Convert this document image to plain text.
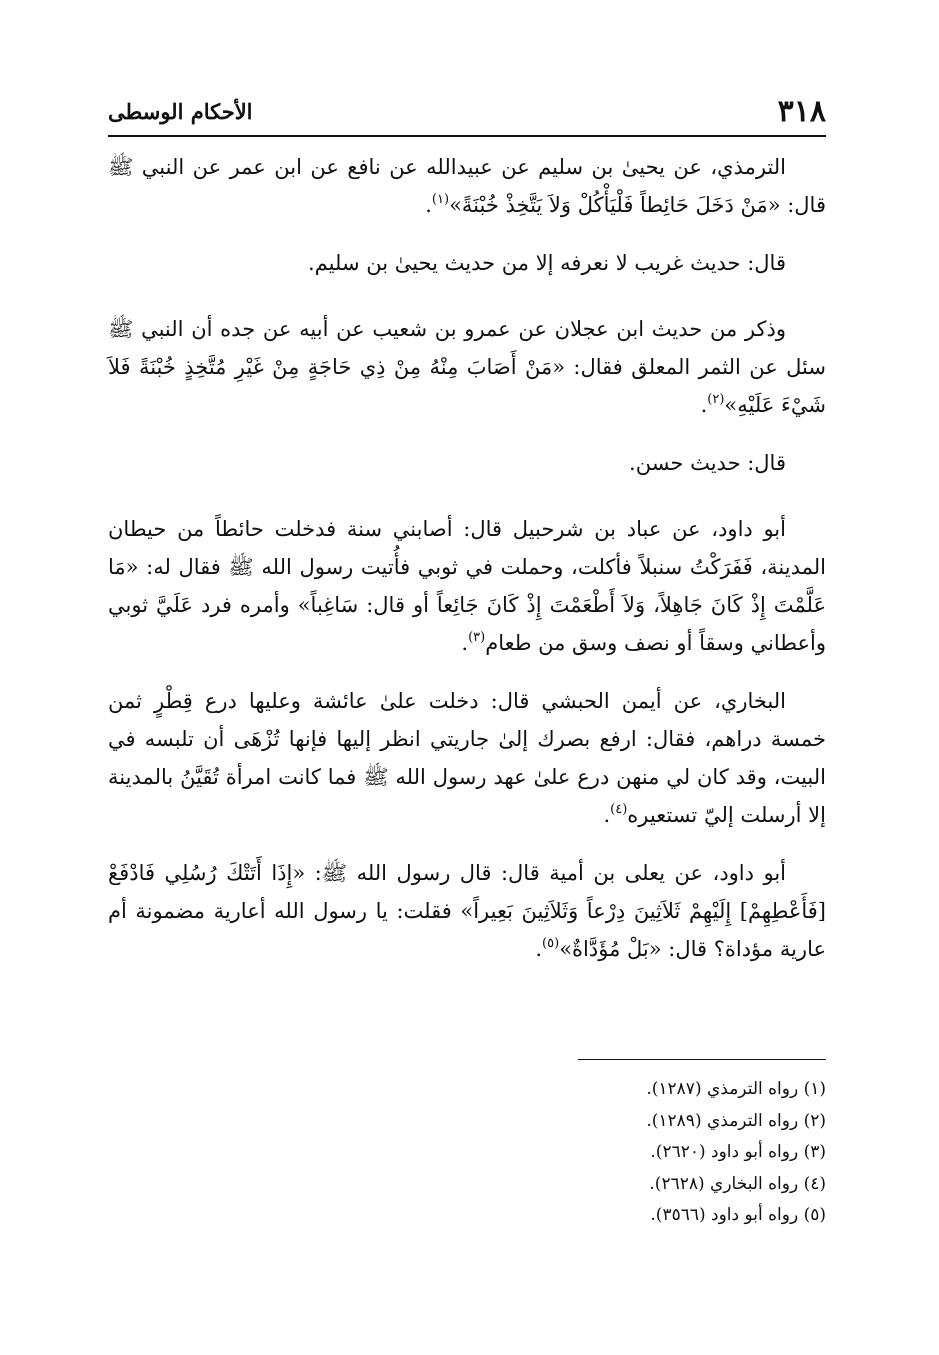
٣١٨
الأحكام الوسطى

الترمذي، عن يحيىٰ بن سليم عن عبيدالله عن نافع عن ابن عمر عن النبي ﷺ قال: «مَنْ دَخَلَ حَائِطاً فَلْيَأْكُلْ وَلاَ يَتَّخِذْ خُبْنَةً»$^{(١)}$.

قال: حديث غريب لا نعرفه إلا من حديث يحيىٰ بن سليم.

وذكر من حديث ابن عجلان عن عمرو بن شعيب عن أبيه عن جده أن النبي ﷺ سئل عن الثمر المعلق فقال: «مَنْ أَصَابَ مِنْهُ مِنْ ذِي حَاجَةٍ مِنْ غَيْرِ مُتَّخِذٍ خُبْنَةً فَلاَ شَيْءَ عَلَيْهِ»$^{(٢)}$.

قال: حديث حسن.

أبو داود، عن عباد بن شرحبيل قال: أصابني سنة فدخلت حائطاً من حيطان المدينة، فَفَرَكْتُ سنبلاً فأكلت، وحملت في ثوبي فأُتيت رسول الله ﷺ فقال له: «مَا عَلَّمْتَ إِذْ كَانَ جَاهِلاً، وَلاَ أَطْعَمْتَ إِذْ كَانَ جَائِعاً أو قال: سَاغِباً» وأمره فرد عَلَيَّ ثوبي وأعطاني وسقاً أو نصف وسق من طعام$^{(٣)}$.

البخاري، عن أيمن الحبشي قال: دخلت علىٰ عائشة وعليها درع قِطْرٍ ثمن خمسة دراهم، فقال: ارفع بصرك إلىٰ جاريتي انظر إليها فإنها تُزْهَى أن تلبسه في البيت، وقد كان لي منهن درع علىٰ عهد رسول الله ﷺ فما كانت امرأة تُقَيَّنُ بالمدينة إلا أرسلت إليّ تستعيره$^{(٤)}$.

أبو داود، عن يعلى بن أمية قال: قال رسول الله ﷺ: «إِذَا أَتَتْكَ رُسُلِي فَادْفَعْ [فَأَعْطِهِمْ] إِلَيْهِمْ ثَلاَثِينَ دِرْعاً وَثَلاَثِينَ بَعِيراً» فقلت: يا رسول الله أعارية مضمونة أم عارية مؤداة؟ قال: «بَلْ مُؤَدَّاةٌ»$^{(٥)}$.

(١) رواه الترمذي (١٢٨٧).
(٢) رواه الترمذي (١٢٨٩).
(٣) رواه أبو داود (٢٦٢٠).
(٤) رواه البخاري (٢٦٢٨).
(٥) رواه أبو داود (٣٥٦٦).
